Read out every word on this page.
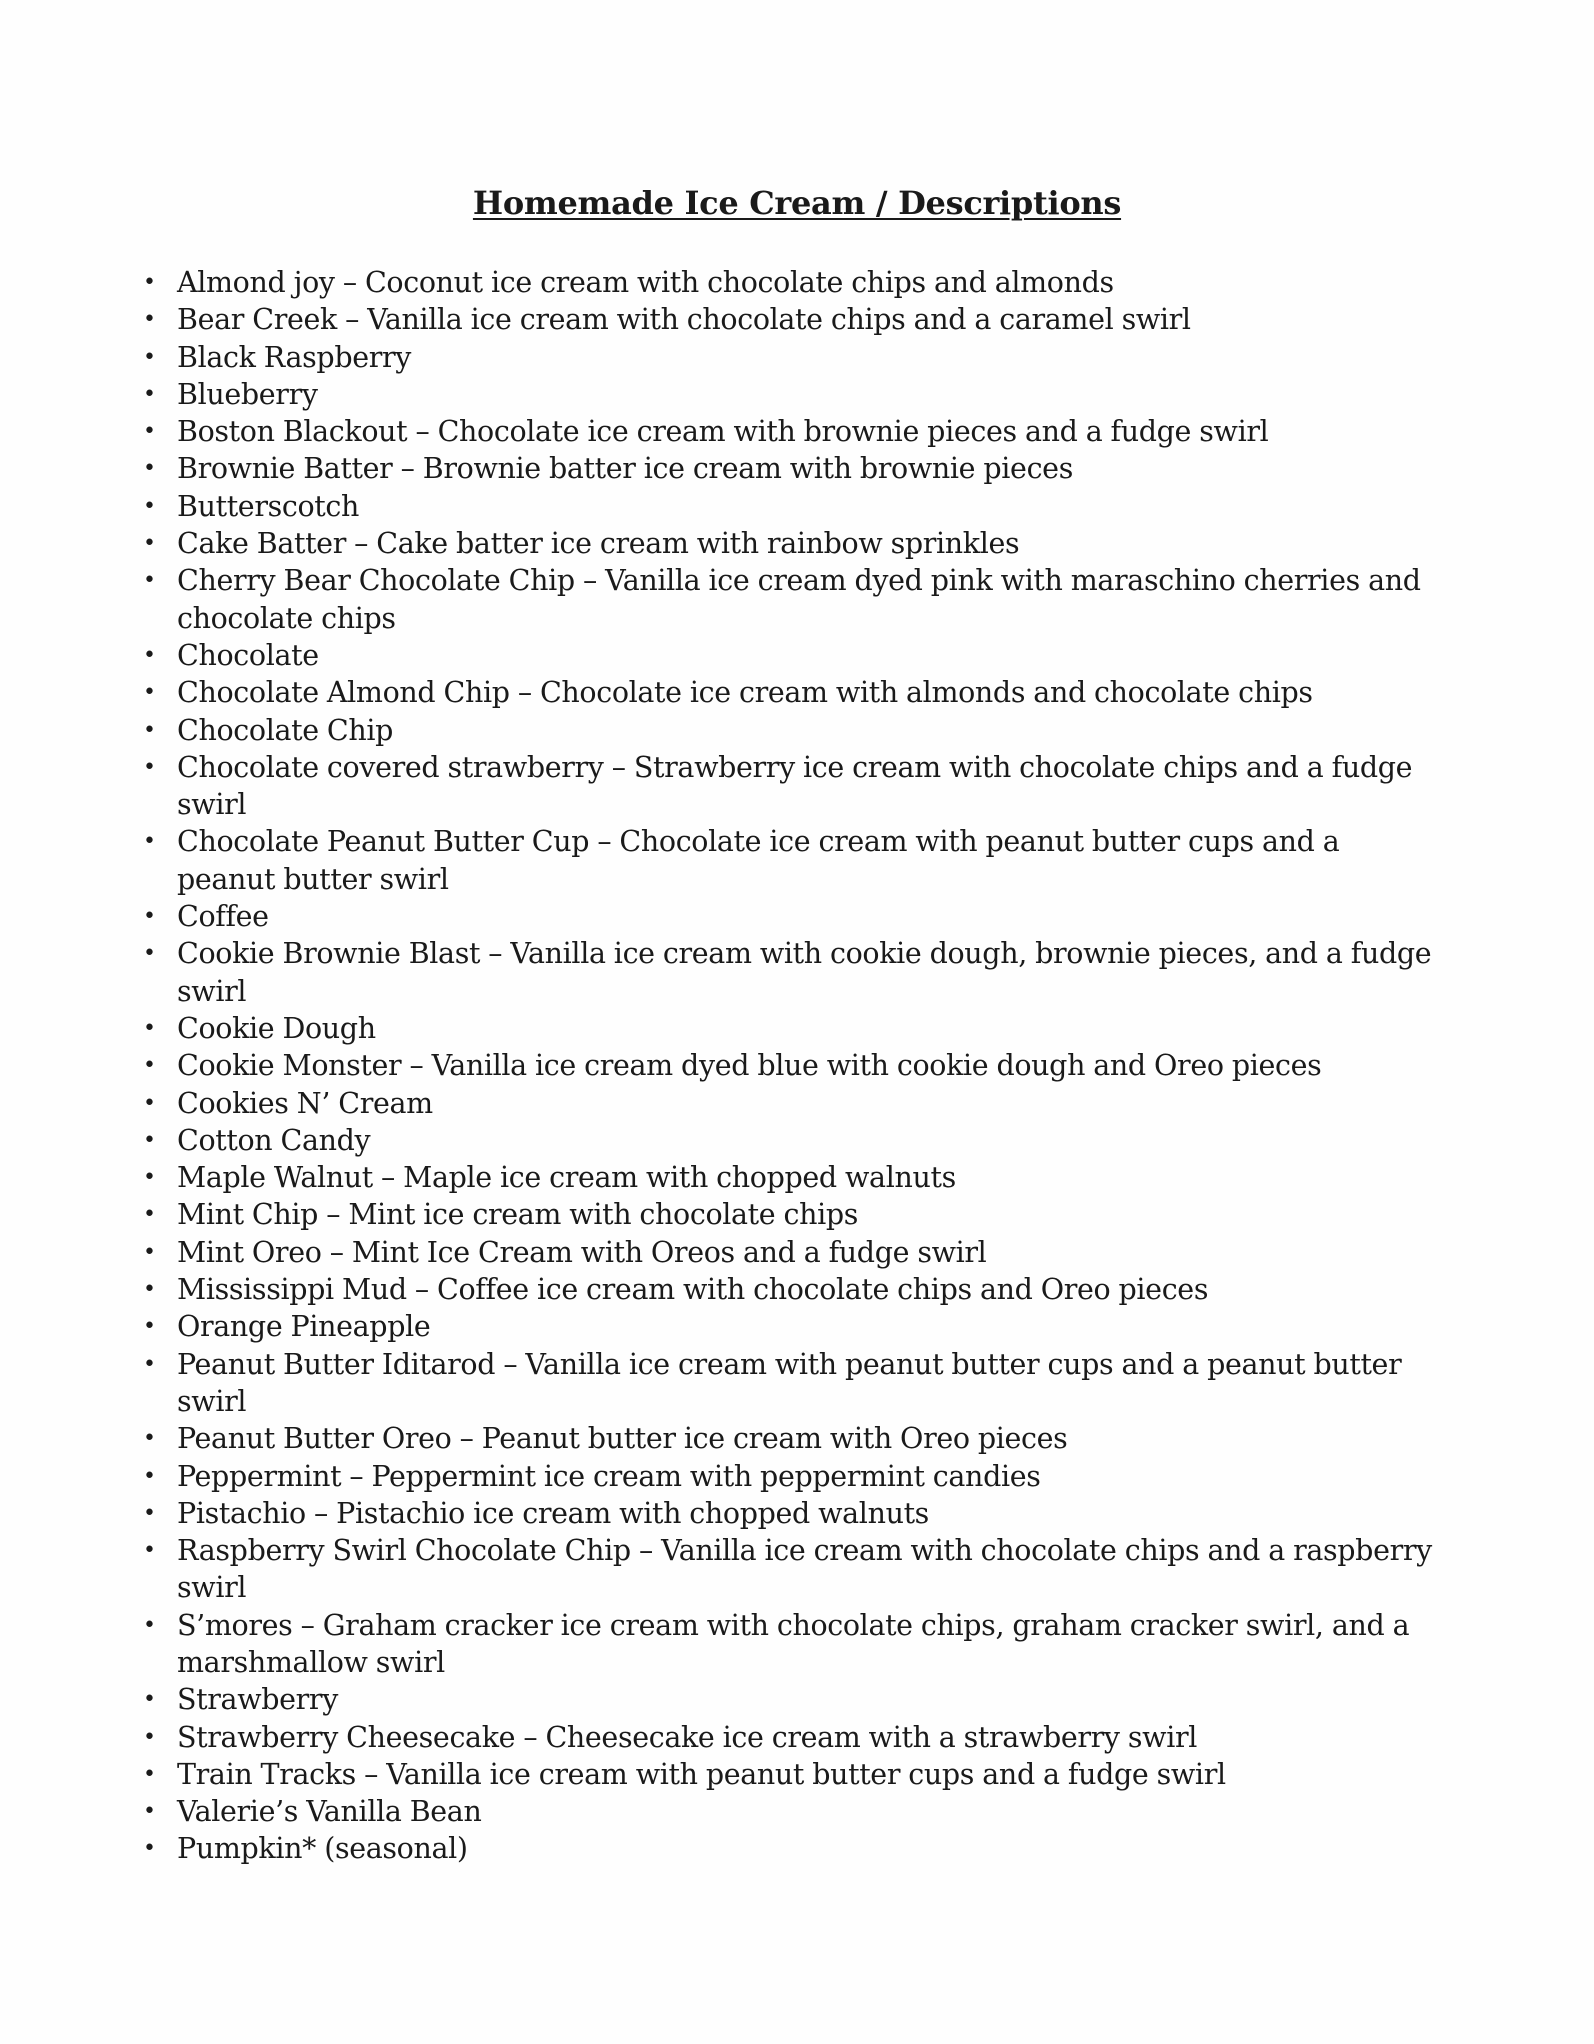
Homemade Ice Cream / Descriptions
• Almond joy – Coconut ice cream with chocolate chips and almonds
• Bear Creek – Vanilla ice cream with chocolate chips and a caramel swirl
• Black Raspberry
• Blueberry
• Boston Blackout – Chocolate ice cream with brownie pieces and a fudge swirl
• Brownie Batter – Brownie batter ice cream with brownie pieces
• Butterscotch
• Cake Batter – Cake batter ice cream with rainbow sprinkles
• Cherry Bear Chocolate Chip – Vanilla ice cream dyed pink with maraschino cherries and chocolate chips
• Chocolate
• Chocolate Almond Chip – Chocolate ice cream with almonds and chocolate chips
• Chocolate Chip
• Chocolate covered strawberry – Strawberry ice cream with chocolate chips and a fudge swirl
• Chocolate Peanut Butter Cup – Chocolate ice cream with peanut butter cups and a peanut butter swirl
• Coffee
• Cookie Brownie Blast – Vanilla ice cream with cookie dough, brownie pieces, and a fudge swirl
• Cookie Dough
• Cookie Monster – Vanilla ice cream dyed blue with cookie dough and Oreo pieces
• Cookies N’ Cream
• Cotton Candy
• Maple Walnut – Maple ice cream with chopped walnuts
• Mint Chip – Mint ice cream with chocolate chips
• Mint Oreo – Mint Ice Cream with Oreos and a fudge swirl
• Mississippi Mud – Coffee ice cream with chocolate chips and Oreo pieces
• Orange Pineapple
• Peanut Butter Iditarod – Vanilla ice cream with peanut butter cups and a peanut butter swirl
• Peanut Butter Oreo – Peanut butter ice cream with Oreo pieces
• Peppermint – Peppermint ice cream with peppermint candies
• Pistachio – Pistachio ice cream with chopped walnuts
• Raspberry Swirl Chocolate Chip – Vanilla ice cream with chocolate chips and a raspberry swirl
• S’mores – Graham cracker ice cream with chocolate chips, graham cracker swirl, and a marshmallow swirl
• Strawberry
• Strawberry Cheesecake – Cheesecake ice cream with a strawberry swirl
• Train Tracks – Vanilla ice cream with peanut butter cups and a fudge swirl
• Valerie’s Vanilla Bean
• Pumpkin* (seasonal)
